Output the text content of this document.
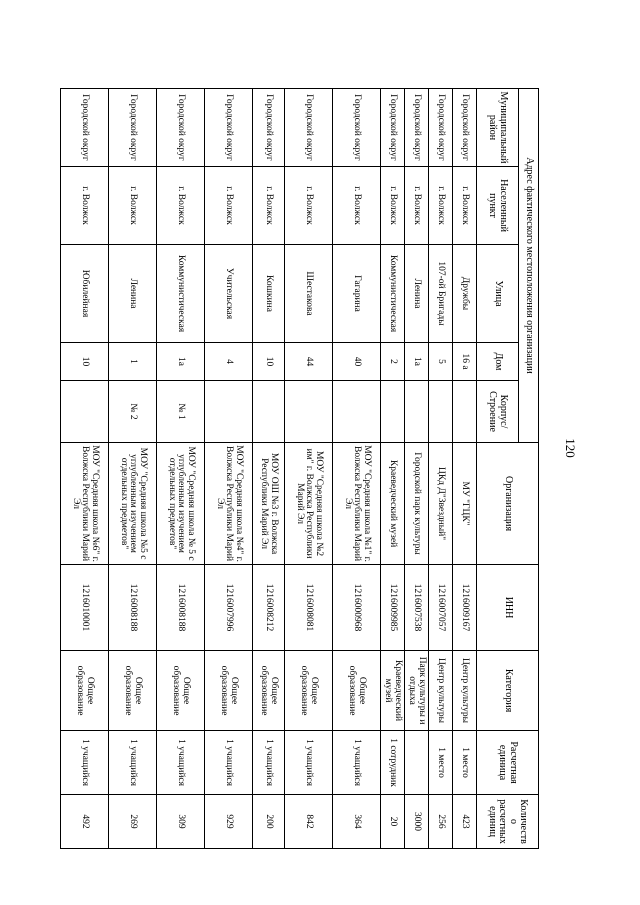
120
Адрес фактического местоположения организации					Организация	ИНН	Категория	Расчетная единица	Количество расчетных единиц
Муниципальный район	Населенный пункт	Улица	Дом	Корпус/ Строение					
Городской округ	г. Волжск	Дружбы	16 а		МУ "ГЦК"	1216009167	Центр культуры	1 место	423
Городской округ	г. Волжск	107-ой Бригады	5		ЦКд Д"Звездный"	1216007057	Центр культуры	1 место	256
Городской округ	г. Волжск	Ленина	1а		Городской парк культуры	1216007538	Парк культуры и отдыха		3000
Городской округ	г. Волжск	Коммунистическая	2		Краеведческий музей	1216009985	Краеведческий музей	1 сотрудник	20
Городской округ	г. Волжск	Гагарина	40		МОУ "Средняя школа №1" г. Волжска Республики Марий Эл	1216000968	Общее образование	1 учащийся	364
Городской округ	г. Волжск	Шестакова	44		МОУ "Средняя школа №2 им" г. Волжска Республики Марий Эл	1216008081	Общее образование	1 учащийся	842
Городской округ	г. Волжск	Кошкина	10		МОУ ОШ №3 г. Волжска Республики Марий Эл	1216008212	Общее образование	1 учащийся	200
Городской округ	г. Волжск	Учительская	4		МОУ "Средняя школа №4" г. Волжска Республики Марий Эл	1216007996	Общее образование	1 учащийся	929
Городской округ	г. Волжск	Коммунистическая	1а	№ 1	МОУ "Средняя школа № 5 с углубленным изучением отдельных предметов"	1216008188	Общее образование	1 учащийся	309
Городской округ	г. Волжск	Ленина	1	№ 2	МОУ "Средняя школа №5 с углубленным изучением отдельных предметов"	1216008188	Общее образование	1 учащийся	269
Городской округ	г. Волжск	Юбилейная	10		МОУ "Средняя школа №6" г. Волжска Республики Марий Эл	1216010001	Общее образование	1 учащийся	492
